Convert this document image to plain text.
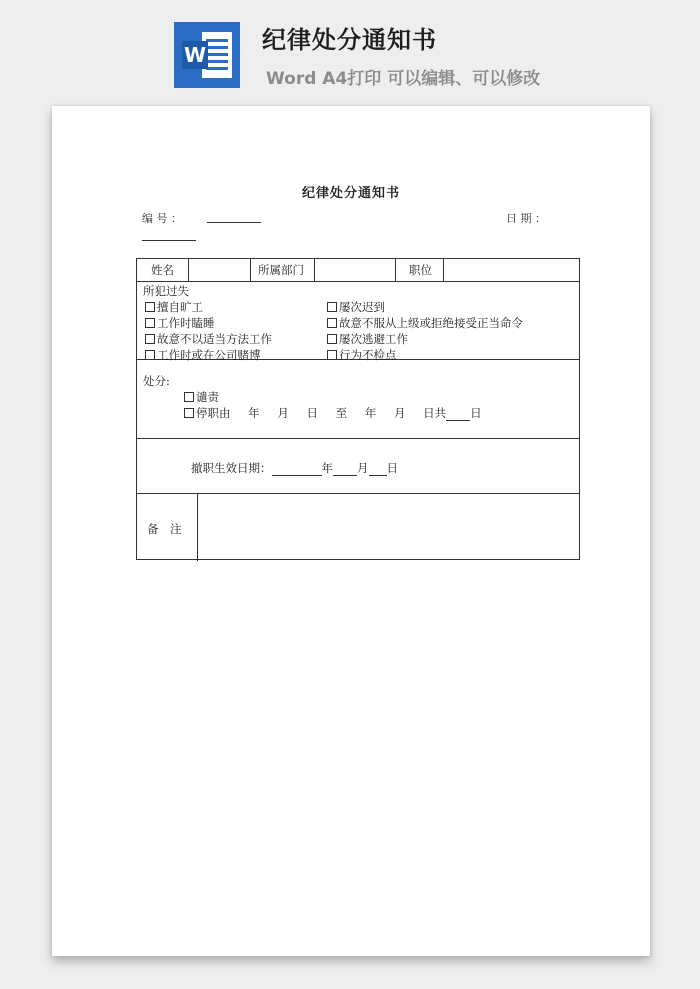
W
纪律处分通知书
Word A4打印 可以编辑、可以修改
纪律处分通知书
编 号 ：	日 期 ：
姓名	所属部门	职位
所犯过失
擅自旷工
工作时瞌睡
故意不以适当方法工作
工作时或在公司赌博
屡次迟到
故意不服从上级或拒绝接受正当命令
屡次逃避工作
行为不检点
处分:
谴责
停职由 年 月 日 至 年 月 日共 日
撤职生效日期：	年 月 日
备　注
